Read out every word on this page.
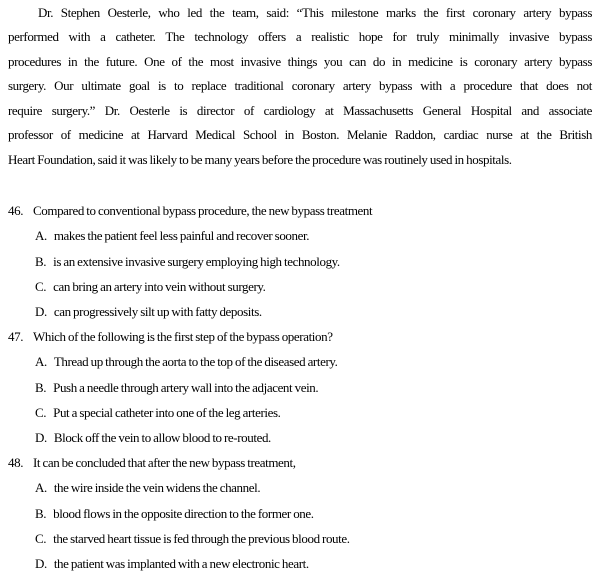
Dr. Stephen Oesterle, who led the team, said: “This milestone marks the first coronary artery bypass
performed with a catheter. The technology offers a realistic hope for truly minimally invasive bypass
procedures in the future. One of the most invasive things you can do in medicine is coronary artery bypass
surgery. Our ultimate goal is to replace traditional coronary artery bypass with a procedure that does not
require surgery.” Dr. Oesterle is director of cardiology at Massachusetts General Hospital and associate
professor of medicine at Harvard Medical School in Boston. Melanie Raddon, cardiac nurse at the British
Heart Foundation, said it was likely to be many years before the procedure was routinely used in hospitals.
46. Compared to conventional bypass procedure, the new bypass treatment
A. makes the patient feel less painful and recover sooner.
B. is an extensive invasive surgery employing high technology.
C. can bring an artery into vein without surgery.
D. can progressively silt up with fatty deposits.
47. Which of the following is the first step of the bypass operation?
A. Thread up through the aorta to the top of the diseased artery.
B. Push a needle through artery wall into the adjacent vein.
C. Put a special catheter into one of the leg arteries.
D. Block off the vein to allow blood to re-routed.
48. It can be concluded that after the new bypass treatment,
A. the wire inside the vein widens the channel.
B. blood flows in the opposite direction to the former one.
C. the starved heart tissue is fed through the previous blood route.
D. the patient was implanted with a new electronic heart.
